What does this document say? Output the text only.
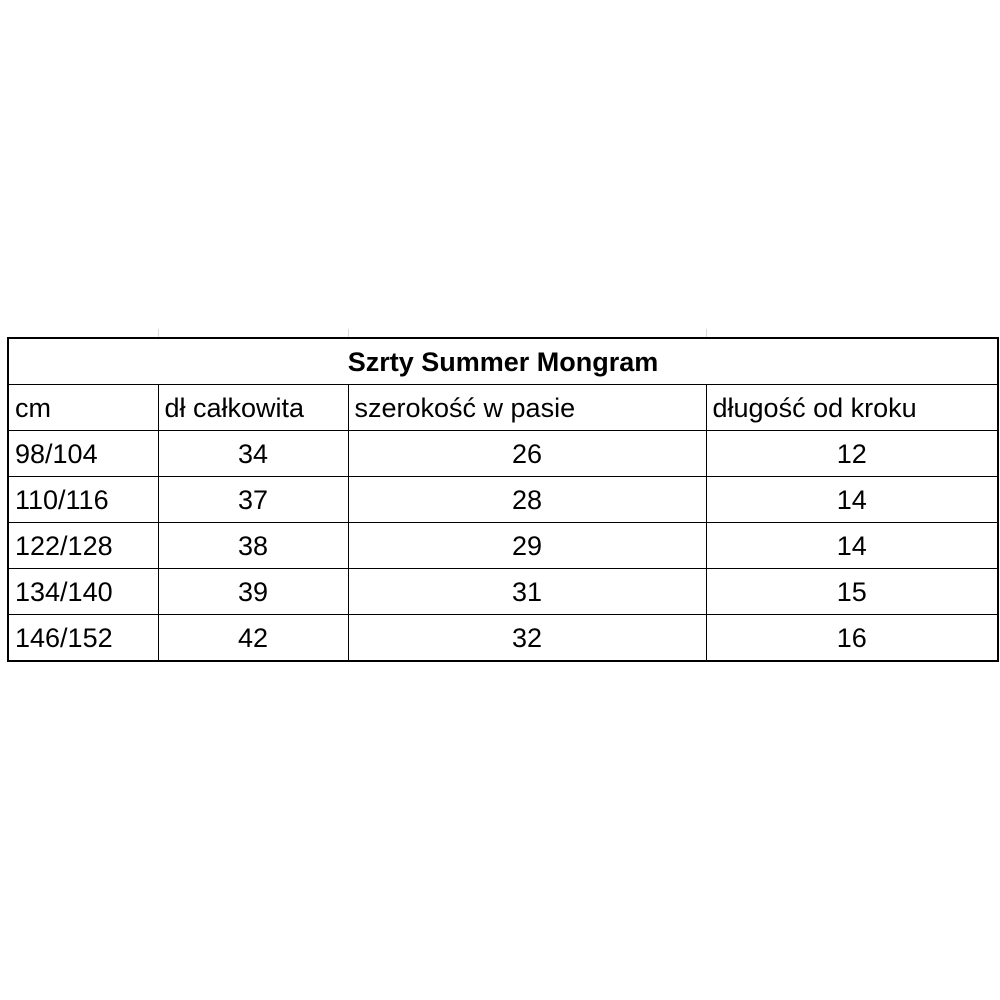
Szrty Summer Mongram			
cm	dł całkowita	szerokość w pasie	długość od kroku
98/104	34	26	12
110/116	37	28	14
122/128	38	29	14
134/140	39	31	15
146/152	42	32	16
